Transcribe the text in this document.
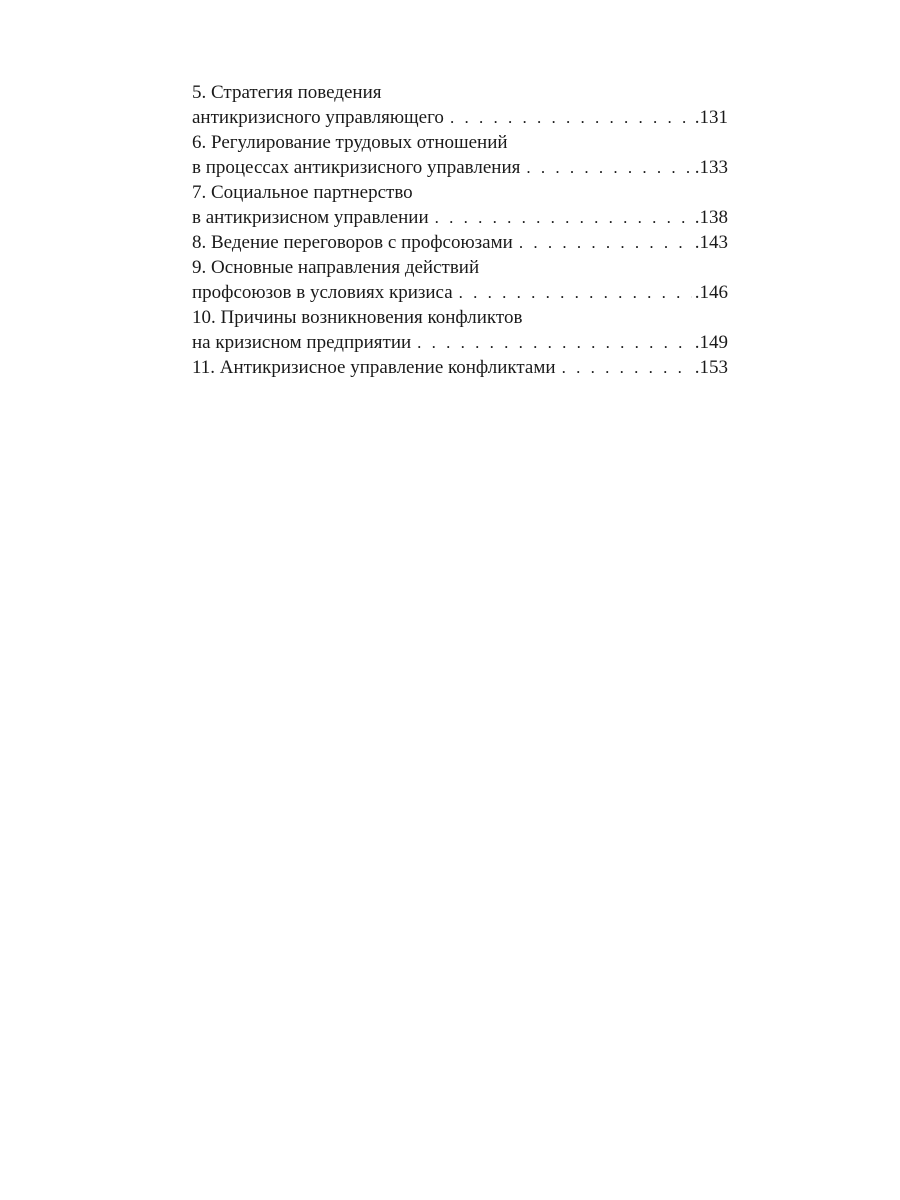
5. Стратегия поведения
антикризисного управляющего . . .	.131
6. Регулирование трудовых отношений
в процессах антикризисного управления . . .	.133
7. Социальное партнерство
в антикризисном управлении . . .	.138
8. Ведение переговоров с профсоюзами . . .	.143
9. Основные направления действий
профсоюзов в условиях кризиса . . .	.146
10. Причины возникновения конфликтов
на кризисном предприятии . . .	.149
11. Антикризисное управление конфликтами . . .	.153
